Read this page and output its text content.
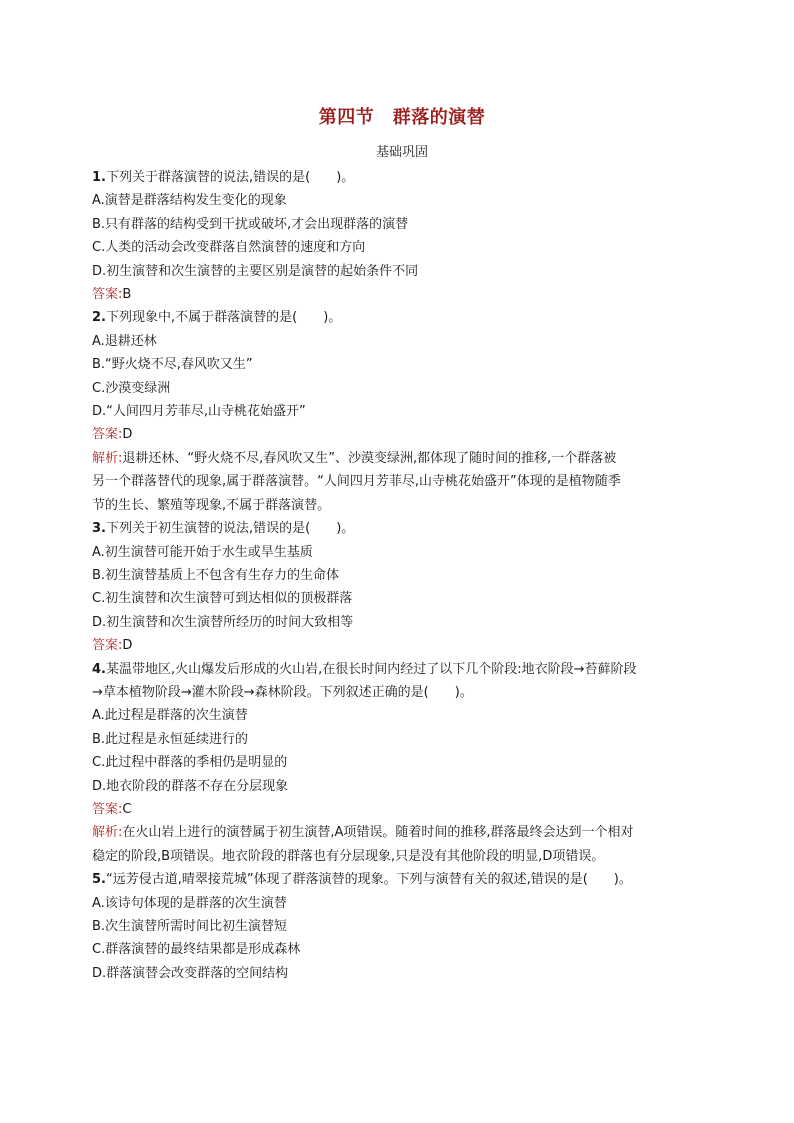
第四节　群落的演替
基础巩固
1.下列关于群落演替的说法,错误的是(　　)。
A.演替是群落结构发生变化的现象
B.只有群落的结构受到干扰或破坏,才会出现群落的演替
C.人类的活动会改变群落自然演替的速度和方向
D.初生演替和次生演替的主要区别是演替的起始条件不同
答案:B
2.下列现象中,不属于群落演替的是(　　)。
A.退耕还林
B.“野火烧不尽,春风吹又生”
C.沙漠变绿洲
D.“人间四月芳菲尽,山寺桃花始盛开”
答案:D
解析:退耕还林、“野火烧不尽,春风吹又生”、沙漠变绿洲,都体现了随时间的推移,一个群落被
另一个群落替代的现象,属于群落演替。“人间四月芳菲尽,山寺桃花始盛开”体现的是植物随季
节的生长、繁殖等现象,不属于群落演替。
3.下列关于初生演替的说法,错误的是(　　)。
A.初生演替可能开始于水生或旱生基质
B.初生演替基质上不包含有生存力的生命体
C.初生演替和次生演替可到达相似的顶极群落
D.初生演替和次生演替所经历的时间大致相等
答案:D
4.某温带地区,火山爆发后形成的火山岩,在很长时间内经过了以下几个阶段:地衣阶段→苔藓阶段
→草本植物阶段→灌木阶段→森林阶段。下列叙述正确的是(　　)。
A.此过程是群落的次生演替
B.此过程是永恒延续进行的
C.此过程中群落的季相仍是明显的
D.地衣阶段的群落不存在分层现象
答案:C
解析:在火山岩上进行的演替属于初生演替,A项错误。随着时间的推移,群落最终会达到一个相对
稳定的阶段,B项错误。地衣阶段的群落也有分层现象,只是没有其他阶段的明显,D项错误。
5.“远芳侵古道,晴翠接荒城”体现了群落演替的现象。下列与演替有关的叙述,错误的是(　　)。
A.该诗句体现的是群落的次生演替
B.次生演替所需时间比初生演替短
C.群落演替的最终结果都是形成森林
D.群落演替会改变群落的空间结构
